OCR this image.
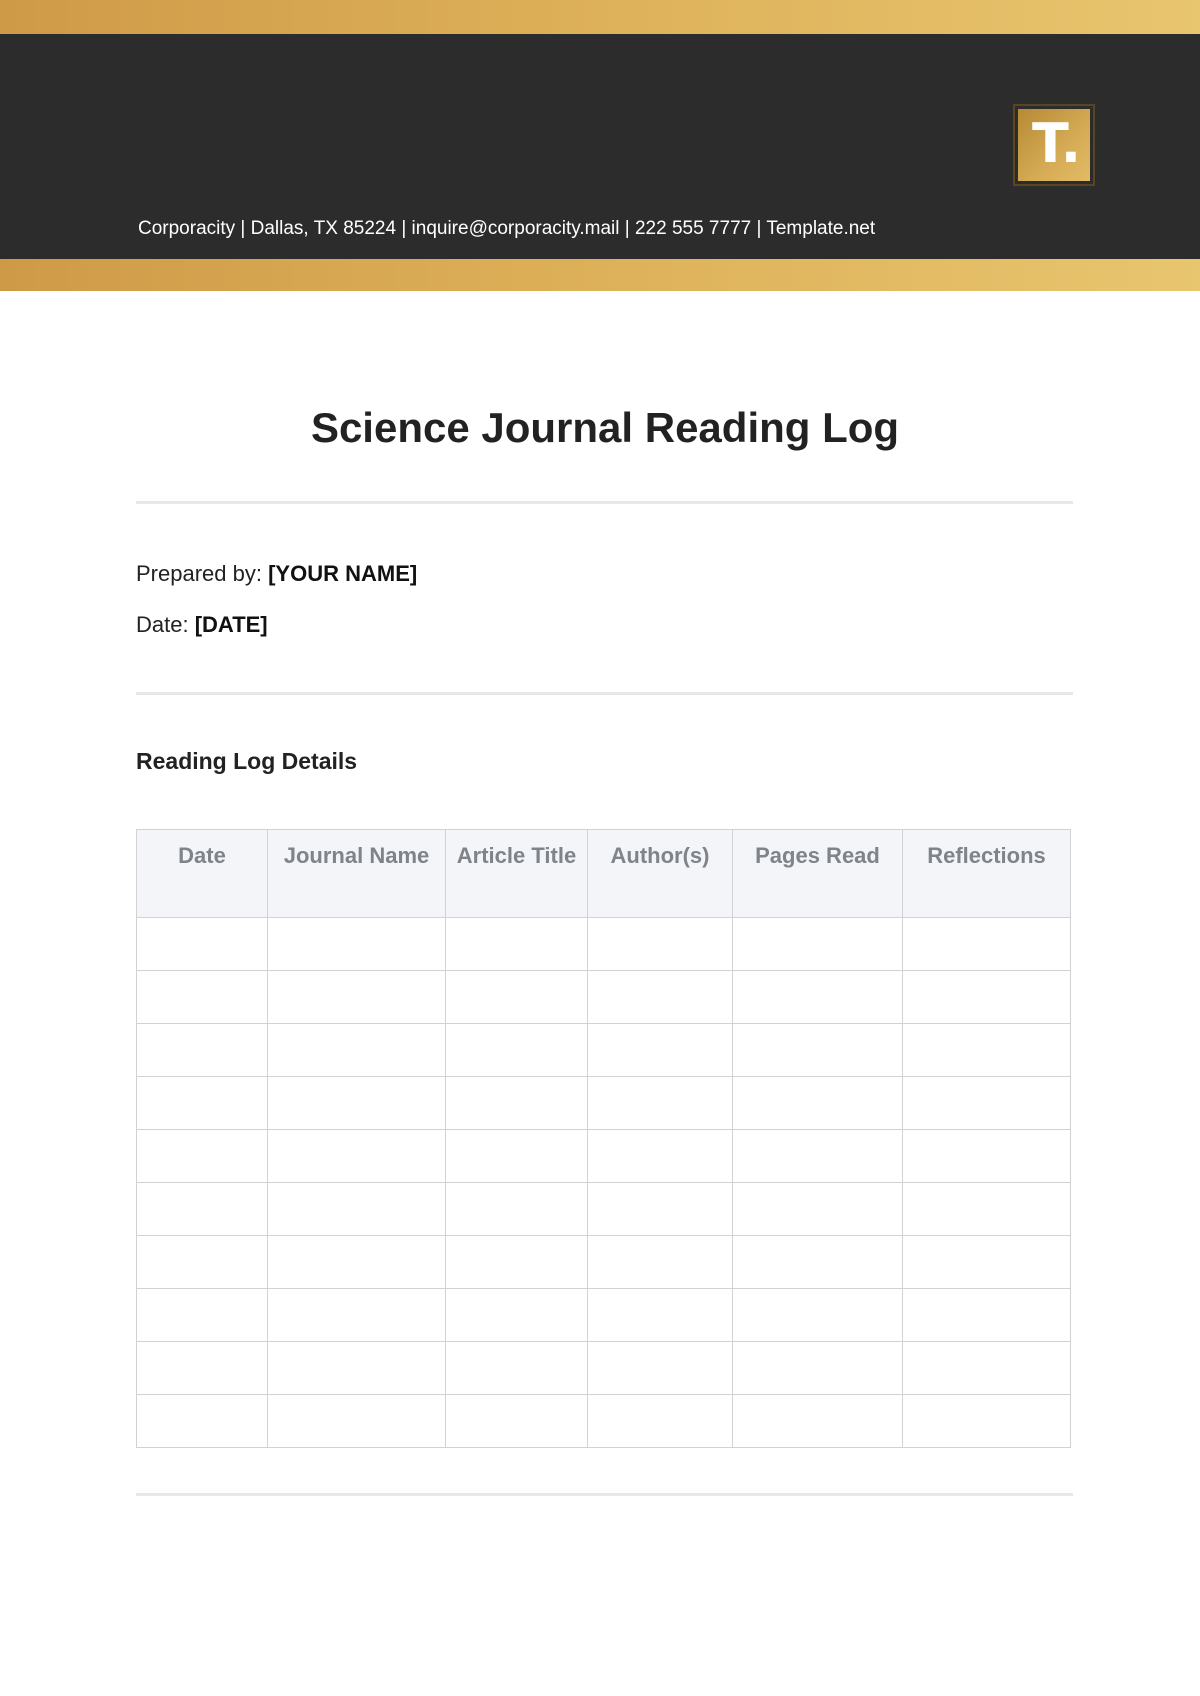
T.
Corporacity | Dallas, TX 85224 | inquire@corporacity.mail | 222 555 7777 | Template.net
Science Journal Reading Log
Prepared by: [YOUR NAME]
Date: [DATE]
Reading Log Details
Date	Journal Name	Article Title	Author(s)	Pages Read	Reflections
